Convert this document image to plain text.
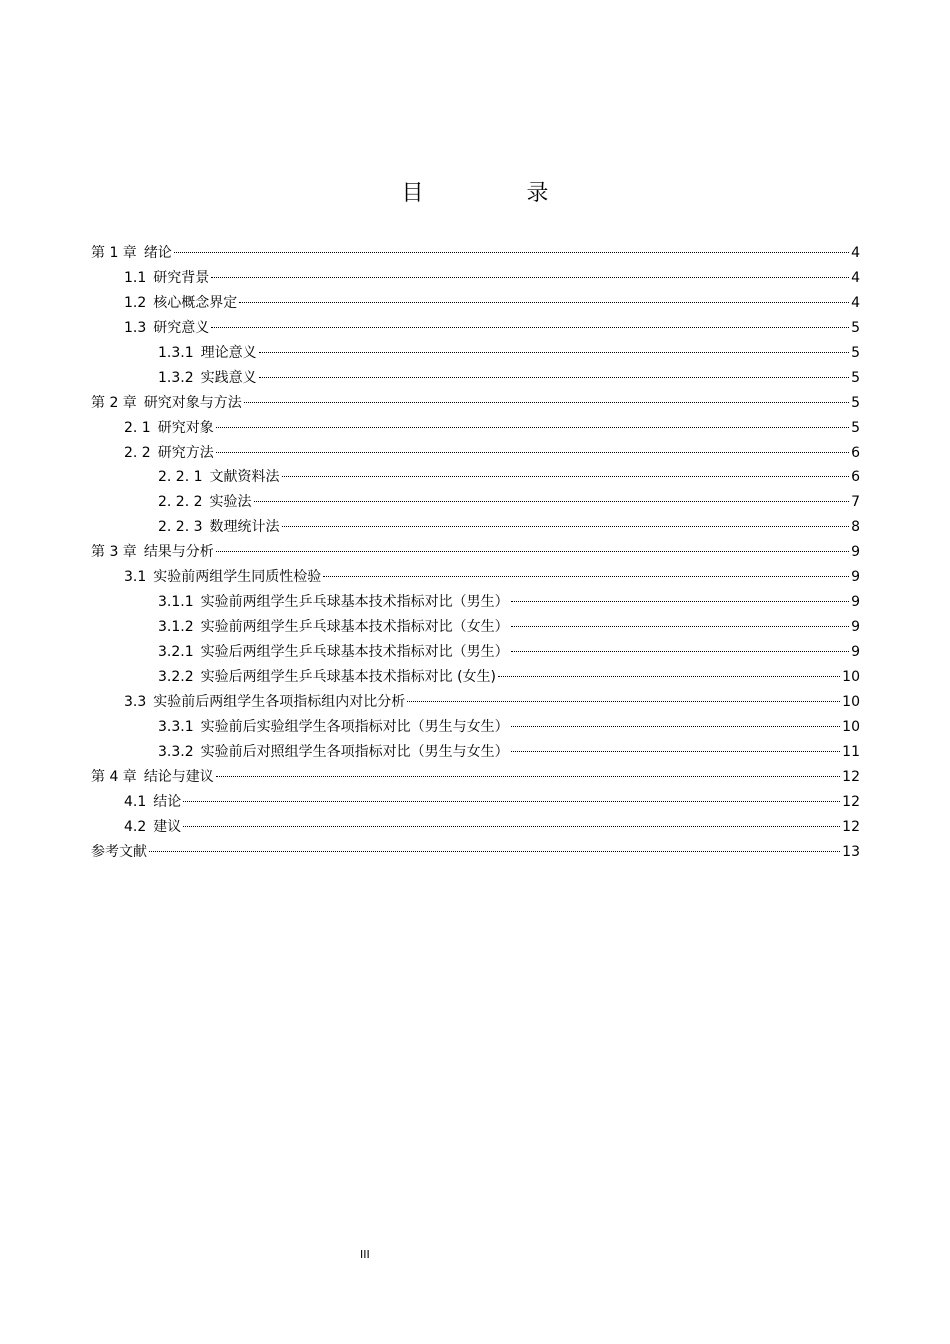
目 录
第 1 章 绪论	4
1.1 研究背景	4
1.2 核心概念界定	4
1.3 研究意义	5
1.3.1 理论意义	5
1.3.2 实践意义	5
第 2 章 研究对象与方法	5
2. 1 研究对象	5
2. 2 研究方法	6
2. 2. 1 文献资料法	6
2. 2. 2 实验法	7
2. 2. 3 数理统计法	8
第 3 章 结果与分析	9
3.1 实验前两组学生同质性检验	9
3.1.1 实验前两组学生乒乓球基本技术指标对比（男生）	9
3.1.2 实验前两组学生乒乓球基本技术指标对比（女生）	9
3.2.1 实验后两组学生乒乓球基本技术指标对比（男生）	9
3.2.2 实验后两组学生乒乓球基本技术指标对比 (女生)	10
3.3 实验前后两组学生各项指标组内对比分析	10
3.3.1 实验前后实验组学生各项指标对比（男生与女生）	10
3.3.2 实验前后对照组学生各项指标对比（男生与女生）	11
第 4 章 结论与建议	12
4.1 结论	12
4.2 建议	12
参考文献	13
III
